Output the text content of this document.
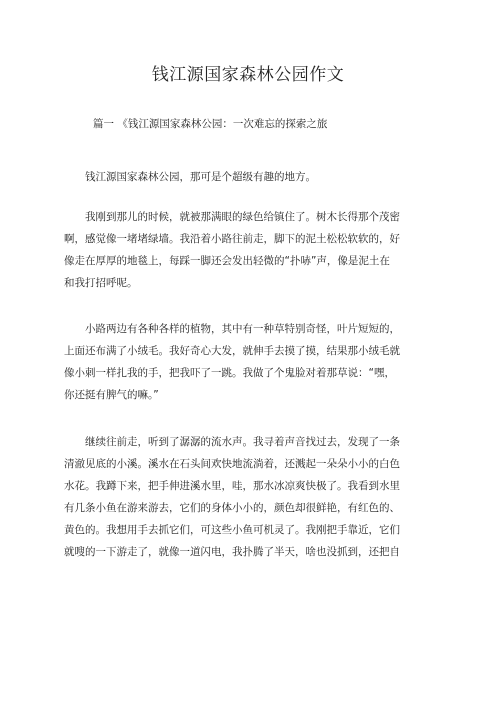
钱江源国家森林公园作文
篇一 《钱江源国家森林公园：一次难忘的探索之旅
钱江源国家森林公园，那可是个超级有趣的地方。
我刚到那儿的时候，就被那满眼的绿色给镇住了。树木长得那个茂密
啊，感觉像一堵堵绿墙。我沿着小路往前走，脚下的泥土松松软软的，好
像走在厚厚的地毯上，每踩一脚还会发出轻微的“扑哧”声，像是泥土在
和我打招呼呢。
小路两边有各种各样的植物，其中有一种草特别奇怪，叶片短短的，
上面还布满了小绒毛。我好奇心大发，就伸手去摸了摸，结果那小绒毛就
像小刺一样扎我的手，把我吓了一跳。我做了个鬼脸对着那草说：“嘿，
你还挺有脾气的嘛。”
继续往前走，听到了潺潺的流水声。我寻着声音找过去，发现了一条
清澈见底的小溪。溪水在石头间欢快地流淌着，还溅起一朵朵小小的白色
水花。我蹲下来，把手伸进溪水里，哇，那水冰凉爽快极了。我看到水里
有几条小鱼在游来游去，它们的身体小小的，颜色却很鲜艳，有红色的、
黄色的。我想用手去抓它们，可这些小鱼可机灵了。我刚把手靠近，它们
就嗖的一下游走了，就像一道闪电，我扑腾了半天，啥也没抓到，还把自
